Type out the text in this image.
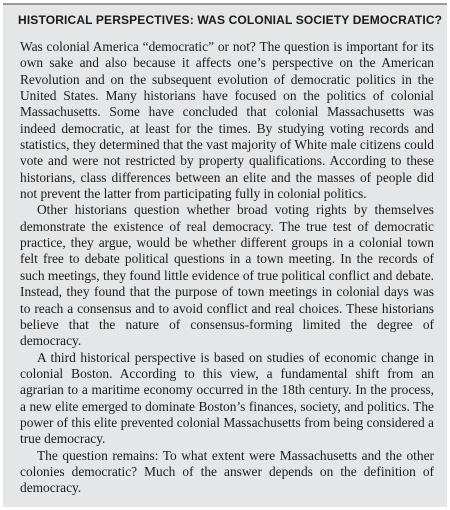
HISTORICAL PERSPECTIVES: WAS COLONIAL SOCIETY DEMOCRATIC?

Was colonial America “democratic” or not? The question is important for its own sake and also because it affects one’s perspective on the American Revolution and on the subsequent evolution of democratic politics in the United States. Many historians have focused on the politics of colonial Massachusetts. Some have concluded that colonial Massachusetts was indeed democratic, at least for the times. By studying voting records and statistics, they determined that the vast majority of White male citizens could vote and were not restricted by property qualifications. According to these historians, class differences between an elite and the masses of people did not prevent the latter from participating fully in colonial politics.

Other historians question whether broad voting rights by themselves demonstrate the existence of real democracy. The true test of democratic practice, they argue, would be whether different groups in a colonial town felt free to debate political questions in a town meeting. In the records of such meetings, they found little evidence of true political conflict and debate. Instead, they found that the purpose of town meetings in colonial days was to reach a consensus and to avoid conflict and real choices. These historians believe that the nature of consensus-forming limited the degree of democracy.

A third historical perspective is based on studies of economic change in colonial Boston. According to this view, a fundamental shift from an agrarian to a maritime economy occurred in the 18th century. In the process, a new elite emerged to dominate Boston’s finances, society, and politics. The power of this elite prevented colonial Massachusetts from being considered a true democracy.

The question remains: To what extent were Massachusetts and the other colonies democratic? Much of the answer depends on the definition of democracy.
